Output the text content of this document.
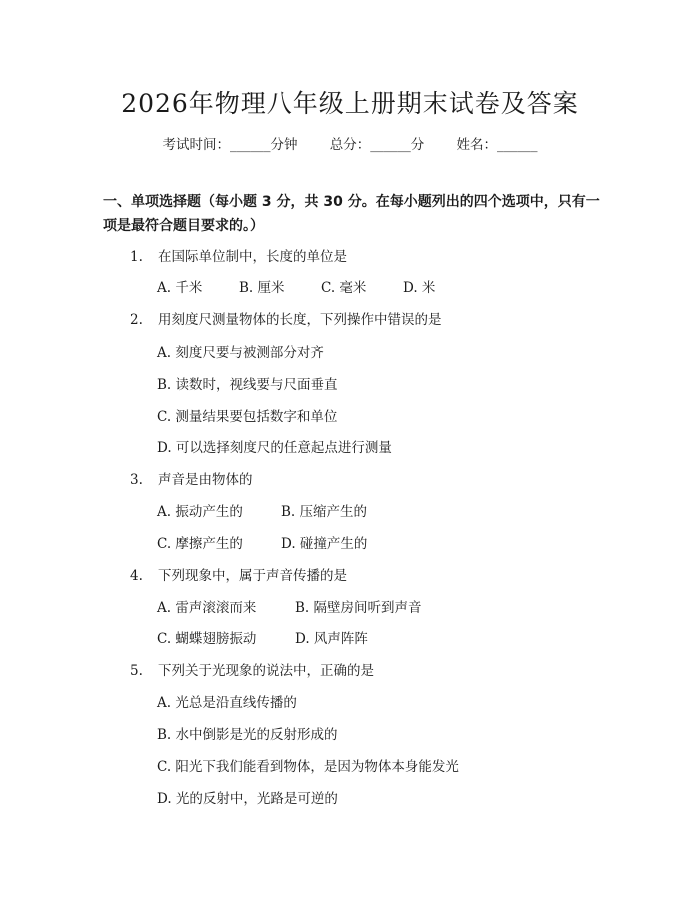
2026年物理八年级上册期末试卷及答案
考试时间：______分钟 总分：______分 姓名：______
一、单项选择题（每小题 3 分，共 30 分。在每小题列出的四个选项中，只有一项是最符合题目要求的。）
1. 在国际单位制中，长度的单位是
A. 千米	B. 厘米	C. 毫米	D. 米
2. 用刻度尺测量物体的长度，下列操作中错误的是
A. 刻度尺要与被测部分对齐
B. 读数时，视线要与尺面垂直
C. 测量结果要包括数字和单位
D. 可以选择刻度尺的任意起点进行测量
3. 声音是由物体的
A. 振动产生的	B. 压缩产生的
C. 摩擦产生的	D. 碰撞产生的
4. 下列现象中，属于声音传播的是
A. 雷声滚滚而来	B. 隔壁房间听到声音
C. 蝴蝶翅膀振动	D. 风声阵阵
5. 下列关于光现象的说法中，正确的是
A. 光总是沿直线传播的
B. 水中倒影是光的反射形成的
C. 阳光下我们能看到物体，是因为物体本身能发光
D. 光的反射中，光路是可逆的
